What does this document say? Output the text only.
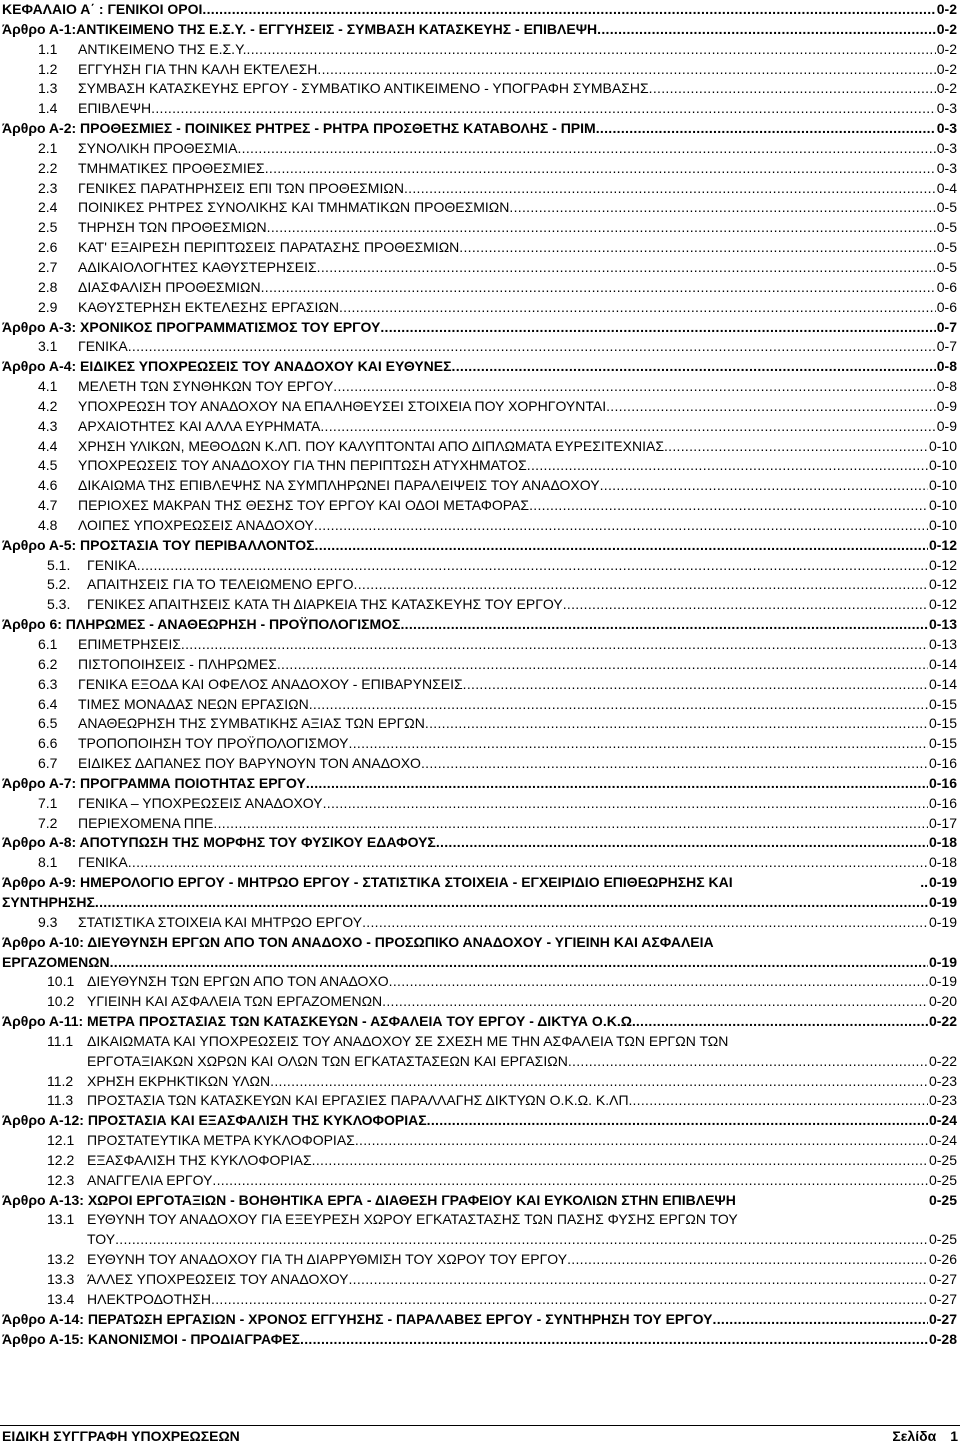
ΚΕΦΑΛΑΙΟ Α΄ : ΓΕΝΙΚΟΙ ΟΡΟΙ .....	0-2
Άρθρο Α-1:ΑΝΤΙΚΕΙΜΕΝΟ ΤΗΣ Ε.Σ.Υ. - ΕΓΓΥΗΣΕΙΣ - ΣΥΜΒΑΣΗ ΚΑΤΑΣΚΕΥΗΣ - ΕΠΙΒΛΕΨΗ .....	0-2
1.1	ΑΝΤΙΚΕΙΜΕΝΟ ΤΗΣ Ε.Σ.Υ. .....	0-2
1.2	ΕΓΓΥΗΣΗ ΓΙΑ ΤΗΝ ΚΑΛΗ ΕΚΤΕΛΕΣΗ .....	0-2
1.3	ΣΥΜΒΑΣΗ ΚΑΤΑΣΚΕΥΗΣ ΕΡΓΟΥ - ΣΥΜΒΑΤΙΚΟ ΑΝΤΙΚΕΙΜΕΝΟ - ΥΠΟΓΡΑΦΗ ΣΥΜΒΑΣΗΣ .....	0-2
1.4	ΕΠΙΒΛΕΨΗ .....	0-3
Άρθρο Α-2: ΠΡΟΘΕΣΜΙΕΣ - ΠΟΙΝΙΚΕΣ ΡΗΤΡΕΣ - ΡΗΤΡΑ ΠΡΟΣΘΕΤΗΣ ΚΑΤΑΒΟΛΗΣ - ΠΡΙΜ .....	0-3
2.1	ΣΥΝΟΛΙΚΗ ΠΡΟΘΕΣΜΙΑ .....	0-3
2.2	ΤΜΗΜΑΤΙΚΕΣ ΠΡΟΘΕΣΜΙΕΣ .....	0-3
2.3	ΓΕΝΙΚΕΣ ΠΑΡΑΤΗΡΗΣΕΙΣ ΕΠΙ ΤΩΝ ΠΡΟΘΕΣΜΙΩΝ .....	0-4
2.4	ΠΟΙΝΙΚΕΣ ΡΗΤΡΕΣ ΣΥΝΟΛΙΚΗΣ ΚΑΙ ΤΜΗΜΑΤΙΚΩΝ ΠΡΟΘΕΣΜΙΩΝ .....	0-5
2.5	ΤΗΡΗΣΗ ΤΩΝ ΠΡΟΘΕΣΜΙΩΝ .....	0-5
2.6	ΚΑΤ' ΕΞΑΙΡΕΣΗ ΠΕΡΙΠΤΩΣΕΙΣ ΠΑΡΑΤΑΣΗΣ ΠΡΟΘΕΣΜΙΩΝ .....	0-5
2.7	ΑΔΙΚΑΙΟΛΟΓΗΤΕΣ ΚΑΘΥΣΤΕΡΗΣΕΙΣ .....	0-5
2.8	ΔΙΑΣΦΑΛΙΣΗ ΠΡΟΘΕΣΜΙΩΝ .....	0-6
2.9	ΚΑΘΥΣΤΕΡΗΣΗ ΕΚΤΕΛΕΣΗΣ ΕΡΓΑΣΙΩΝ .....	0-6
Άρθρο Α-3: ΧΡΟΝΙΚΟΣ ΠΡΟΓΡΑΜΜΑΤΙΣΜΟΣ ΤΟΥ ΕΡΓΟΥ .....	0-7
3.1	ΓΕΝΙΚΑ .....	0-7
Άρθρο Α-4: ΕΙΔΙΚΕΣ ΥΠΟΧΡΕΩΣΕΙΣ ΤΟΥ ΑΝΑΔΟΧΟΥ ΚΑΙ ΕΥΘΥΝΕΣ .....	0-8
4.1	ΜΕΛΕΤΗ ΤΩΝ ΣΥΝΘΗΚΩΝ ΤΟΥ ΕΡΓΟΥ .....	0-8
4.2	ΥΠΟΧΡΕΩΣΗ ΤΟΥ ΑΝΑΔΟΧΟΥ ΝΑ ΕΠΑΛΗΘΕΥΣΕΙ ΣΤΟΙΧΕΙΑ ΠΟΥ ΧΟΡΗΓΟΥΝΤΑΙ .....	0-9
4.3	ΑΡΧΑΙΟΤΗΤΕΣ ΚΑΙ ΑΛΛΑ ΕΥΡΗΜΑΤΑ .....	0-9
4.4	ΧΡΗΣΗ ΥΛΙΚΩΝ, ΜΕΘΟΔΩΝ Κ.ΛΠ. ΠΟΥ ΚΑΛΥΠΤΟΝΤΑΙ ΑΠΟ ΔΙΠΛΩΜΑΤΑ ΕΥΡΕΣΙΤΕΧΝΙΑΣ .....	0-10
4.5	ΥΠΟΧΡΕΩΣΕΙΣ ΤΟΥ ΑΝΑΔΟΧΟΥ ΓΙΑ ΤΗΝ ΠΕΡΙΠΤΩΣΗ ΑΤΥΧΗΜΑΤΟΣ .....	0-10
4.6	ΔΙΚΑΙΩΜΑ ΤΗΣ ΕΠΙΒΛΕΨΗΣ ΝΑ ΣΥΜΠΛΗΡΩΝΕΙ ΠΑΡΑΛΕΙΨΕΙΣ ΤΟΥ ΑΝΑΔΟΧΟΥ .....	0-10
4.7	ΠΕΡΙΟΧΕΣ ΜΑΚΡΑΝ ΤΗΣ ΘΕΣΗΣ ΤΟΥ ΕΡΓΟΥ ΚΑΙ ΟΔΟΙ ΜΕΤΑΦΟΡΑΣ .....	0-10
4.8	ΛΟΙΠΕΣ ΥΠΟΧΡΕΩΣΕΙΣ ΑΝΑΔΟΧΟΥ .....	0-10
Άρθρο Α-5: ΠΡΟΣΤΑΣΙΑ ΤΟΥ ΠΕΡΙΒΑΛΛΟΝΤΟΣ .....	0-12
5.1.	ΓΕΝΙΚΑ .....	0-12
5.2.	ΑΠΑΙΤΗΣΕΙΣ ΓΙΑ ΤΟ ΤΕΛΕΙΩΜΕΝΟ ΕΡΓΟ .....	0-12
5.3.	ΓΕΝΙΚΕΣ ΑΠΑΙΤΗΣΕΙΣ ΚΑΤΑ ΤΗ ΔΙΑΡΚΕΙΑ ΤΗΣ ΚΑΤΑΣΚΕΥΗΣ ΤΟΥ ΕΡΓΟΥ .....	0-12
Άρθρο 6: ΠΛΗΡΩΜΕΣ - ΑΝΑΘΕΩΡΗΣΗ - ΠΡΟΫΠΟΛΟΓΙΣΜΟΣ .....	0-13
6.1	ΕΠΙΜΕΤΡΗΣΕΙΣ .....	0-13
6.2	ΠΙΣΤΟΠΟΙΗΣΕΙΣ - ΠΛΗΡΩΜΕΣ .....	0-14
6.3	ΓΕΝΙΚΑ ΕΞΟΔΑ ΚΑΙ ΟΦΕΛΟΣ ΑΝΑΔΟΧΟΥ - ΕΠΙΒΑΡΥΝΣΕΙΣ .....	0-14
6.4	ΤΙΜΕΣ ΜΟΝΑΔΑΣ ΝΕΩΝ ΕΡΓΑΣΙΩΝ .....	0-15
6.5	ΑΝΑΘΕΩΡΗΣΗ ΤΗΣ ΣΥΜΒΑΤΙΚΗΣ ΑΞΙΑΣ ΤΩΝ ΕΡΓΩΝ .....	0-15
6.6	ΤΡΟΠΟΠΟΙΗΣΗ ΤΟΥ ΠΡΟΫΠΟΛΟΓΙΣΜΟΥ .....	0-15
6.7	ΕΙΔΙΚΕΣ ΔΑΠΑΝΕΣ ΠΟΥ ΒΑΡΥΝΟΥΝ ΤΟΝ ΑΝΑΔΟΧΟ .....	0-16
Άρθρο Α-7: ΠΡΟΓΡΑΜΜΑ ΠΟΙΟΤΗΤΑΣ ΕΡΓΟΥ .....	0-16
7.1	ΓΕΝΙΚΑ – ΥΠΟΧΡΕΩΣΕΙΣ ΑΝΑΔΟΧΟΥ .....	0-16
7.2	ΠΕΡΙΕΧΟΜΕΝΑ ΠΠΕ .....	0-17
Άρθρο Α-8: ΑΠΟΤΥΠΩΣΗ ΤΗΣ ΜΟΡΦΗΣ ΤΟΥ ΦΥΣΙΚΟΥ ΕΔΑΦΟΥΣ .....	0-18
8.1	ΓΕΝΙΚΑ .....	0-18
Άρθρο Α-9: ΗΜΕΡΟΛΟΓΙΟ ΕΡΓΟΥ - ΜΗΤΡΩΟ ΕΡΓΟΥ - ΣΤΑΤΙΣΤΙΚΑ ΣΤΟΙΧΕΙΑ - ΕΓΧΕΙΡΙΔΙΟ ΕΠΙΘΕΩΡΗΣΗΣ ΚΑΙ	.. 0-19
ΣΥΝΤΗΡΗΣΗΣ .....	0-19
9.3	ΣΤΑΤΙΣΤΙΚΑ ΣΤΟΙΧΕΙΑ ΚΑΙ ΜΗΤΡΩΟ ΕΡΓΟΥ .....	0-19
Άρθρο Α-10: ΔΙΕΥΘΥΝΣΗ ΕΡΓΩΝ ΑΠΟ ΤΟΝ ΑΝΑΔΟΧΟ - ΠΡΟΣΩΠΙΚΟ ΑΝΑΔΟΧΟΥ - ΥΓΙΕΙΝΗ ΚΑΙ ΑΣΦΑΛΕΙΑ
ΕΡΓΑΖΟΜΕΝΩΝ .....	0-19
10.1 ΔΙΕΥΘΥΝΣΗ ΤΩΝ ΕΡΓΩΝ ΑΠΟ ΤΟΝ ΑΝΑΔΟΧΟ .....	0-19
10.2 ΥΓΙΕΙΝΗ ΚΑΙ ΑΣΦΑΛΕΙΑ ΤΩΝ ΕΡΓΑΖΟΜΕΝΩΝ .....	0-20
Άρθρο Α-11: ΜΕΤΡΑ ΠΡΟΣΤΑΣΙΑΣ ΤΩΝ ΚΑΤΑΣΚΕΥΩΝ - ΑΣΦΑΛΕΙΑ ΤΟΥ ΕΡΓΟΥ - ΔΙΚΤΥΑ Ο.Κ.Ω. .....	0-22
11.1 ΔΙΚΑΙΩΜΑΤΑ ΚΑΙ ΥΠΟΧΡΕΩΣΕΙΣ ΤΟΥ ΑΝΑΔΟΧΟΥ ΣΕ ΣΧΕΣΗ ΜΕ ΤΗΝ ΑΣΦΑΛΕΙΑ ΤΩΝ ΕΡΓΩΝ ΤΩΝ
ΕΡΓΟΤΑΞΙΑΚΩΝ ΧΩΡΩΝ ΚΑΙ ΟΛΩΝ ΤΩΝ ΕΓΚΑΤΑΣΤΑΣΕΩΝ ΚΑΙ ΕΡΓΑΣΙΩΝ .....	0-22
11.2 ΧΡΗΣΗ ΕΚΡΗΚΤΙΚΩΝ ΥΛΩΝ .....	0-23
11.3 ΠΡΟΣΤΑΣΙΑ ΤΩΝ ΚΑΤΑΣΚΕΥΩΝ ΚΑΙ ΕΡΓΑΣΙΕΣ ΠΑΡΑΛΛΑΓΗΣ ΔΙΚΤΥΩΝ Ο.Κ.Ω. Κ.ΛΠ. .....	0-23
Άρθρο Α-12: ΠΡΟΣΤΑΣΙΑ ΚΑΙ ΕΞΑΣΦΑΛΙΣΗ ΤΗΣ ΚΥΚΛΟΦΟΡΙΑΣ .....	0-24
12.1 ΠΡΟΣΤΑΤΕΥΤΙΚΑ ΜΕΤΡΑ ΚΥΚΛΟΦΟΡΙΑΣ .....	0-24
12.2 ΕΞΑΣΦΑΛΙΣΗ ΤΗΣ ΚΥΚΛΟΦΟΡΙΑΣ .....	0-25
12.3 ΑΝΑΓΓΕΛΙΑ ΕΡΓΟΥ .....	0-25
Άρθρο Α-13: ΧΩΡΟΙ ΕΡΓΟΤΑΞΙΩΝ - ΒΟΗΘΗΤΙΚΑ ΕΡΓΑ - ΔΙΑΘΕΣΗ ΓΡΑΦΕΙΟΥ ΚΑΙ ΕΥΚΟΛΙΩΝ ΣΤΗΝ ΕΠΙΒΛΕΨΗ	0-25
13.1 ΕΥΘΥΝΗ ΤΟΥ ΑΝΑΔΟΧΟΥ ΓΙΑ ΕΞΕΥΡΕΣΗ ΧΩΡΟΥ ΕΓΚΑΤΑΣΤΑΣΗΣ ΤΩΝ ΠΑΣΗΣ ΦΥΣΗΣ ΕΡΓΩΝ ΤΟΥ
ΤΟΥ .....	0-25
13.2 ΕΥΘΥΝΗ ΤΟΥ ΑΝΑΔΟΧΟΥ ΓΙΑ ΤΗ ΔΙΑΡΡΥΘΜΙΣΗ ΤΟΥ ΧΩΡΟΥ ΤΟΥ ΕΡΓΟΥ .....	0-26
13.3 ΆΛΛΕΣ ΥΠΟΧΡΕΩΣΕΙΣ ΤΟΥ ΑΝΑΔΟΧΟΥ .....	0-27
13.4 ΗΛΕΚΤΡΟΔΟΤΗΣΗ .....	0-27
Άρθρο Α-14: ΠΕΡΑΤΩΣΗ ΕΡΓΑΣΙΩΝ - ΧΡΟΝΟΣ ΕΓΓΥΗΣΗΣ - ΠΑΡΑΛΑΒΕΣ ΕΡΓΟΥ - ΣΥΝΤΗΡΗΣΗ ΤΟΥ ΕΡΓΟΥ .....	0-27
Άρθρο Α-15: ΚΑΝΟΝΙΣΜΟΙ - ΠΡΟΔΙΑΓΡΑΦΕΣ .....	0-28
ΕΙΔΙΚΗ ΣΥΓΓΡΑΦΗ ΥΠΟΧΡΕΩΣΕΩΝ	Σελίδα 1
